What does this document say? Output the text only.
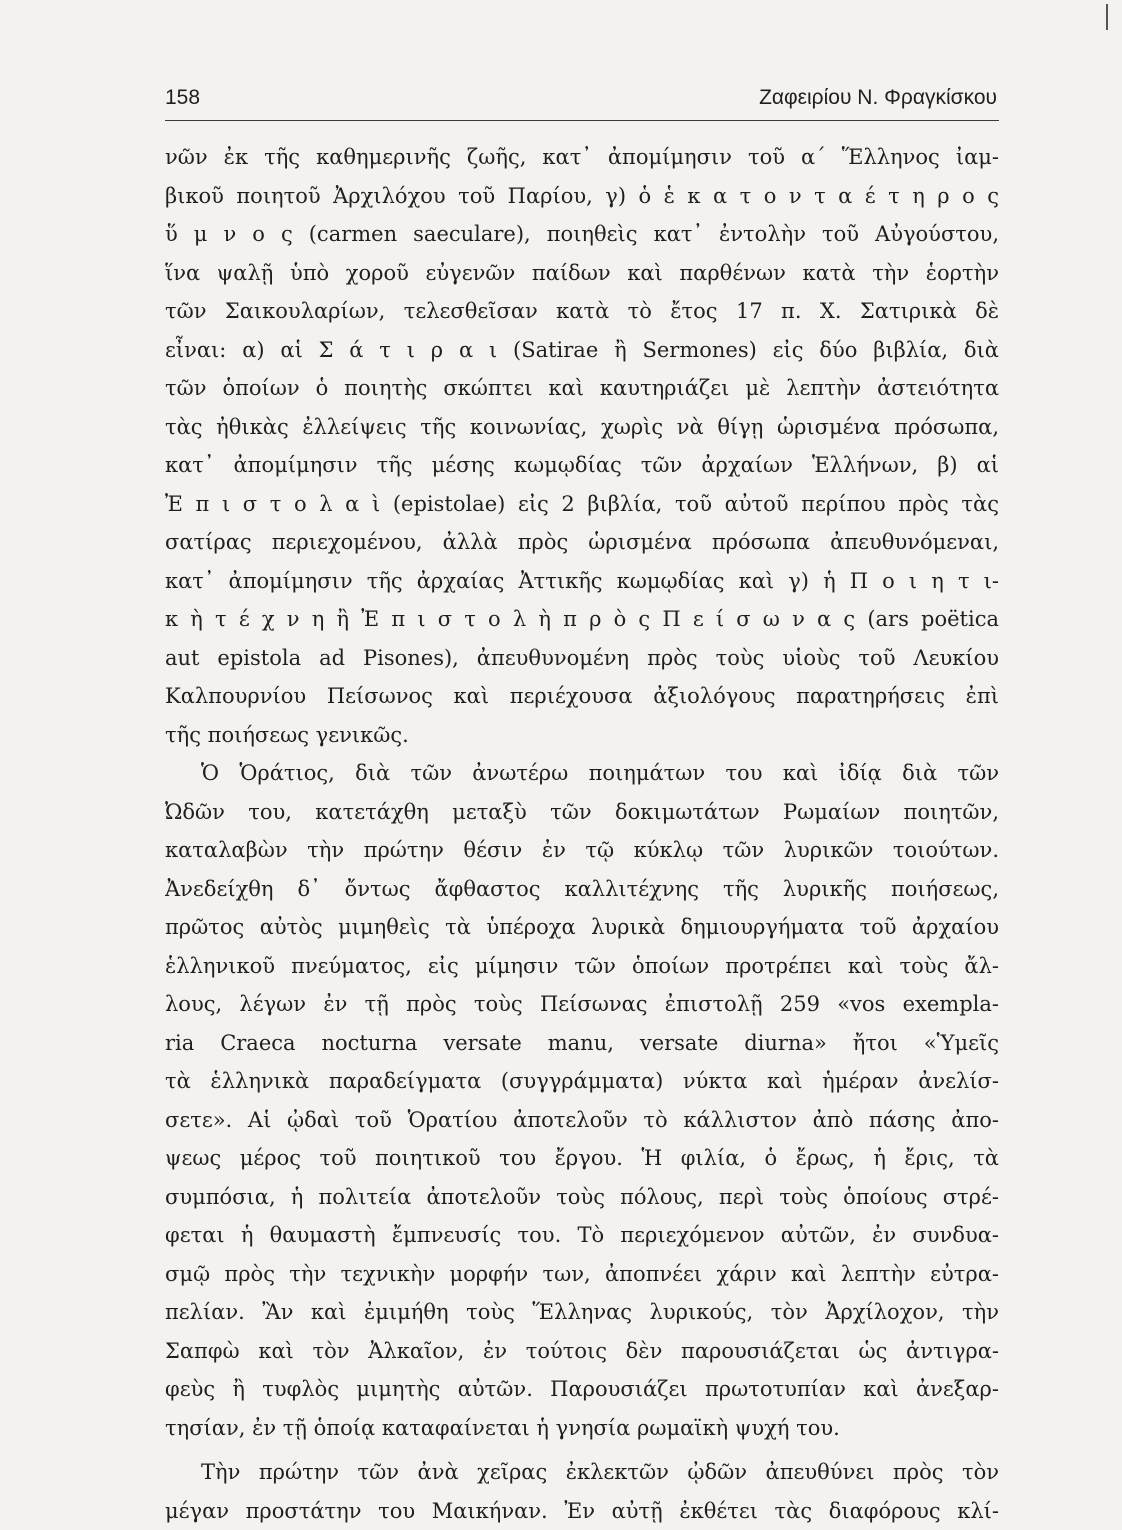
158	Ζαφειρίου Ν. Φραγκίσκου
νῶν ἐκ τῆς καθημερινῆς ζωῆς, κατ᾽ ἀπομίμησιν τοῦ α΄ Ἕλληνος ἰαμ-
βικοῦ ποιητοῦ Ἀρχιλόχου τοῦ Παρίου, γ) ὁ ἑ κ α τ ο ν τ α έ τ η ρ ο ς
ὕ μ ν ο ς (carmen saeculare), ποιηθεὶς κατ᾽ ἐντολὴν τοῦ Αὐγούστου,
ἵνα ψαλῇ ὑπὸ χοροῦ εὐγενῶν παίδων καὶ παρθένων κατὰ τὴν ἑορτὴν
τῶν Σαικουλαρίων, τελεσθεῖσαν κατὰ τὸ ἔτος 17 π. Χ. Σατιρικὰ δὲ
εἶναι: α) αἱ Σ ά τ ι ρ α ι (Satirae ἢ Sermones) εἰς δύο βιβλία, διὰ
τῶν ὁποίων ὁ ποιητὴς σκώπτει καὶ καυτηριάζει μὲ λεπτὴν ἀστειότητα
τὰς ἠθικὰς ἐλλείψεις τῆς κοινωνίας, χωρὶς νὰ θίγῃ ὡρισμένα πρόσωπα,
κατ᾽ ἀπομίμησιν τῆς μέσης κωμῳδίας τῶν ἀρχαίων Ἑλλήνων, β) αἱ
Ἐ π ι σ τ ο λ α ὶ (epistolae) εἰς 2 βιβλία, τοῦ αὐτοῦ περίπου πρὸς τὰς
σατίρας περιεχομένου, ἀλλὰ πρὸς ὡρισμένα πρόσωπα ἀπευθυνόμεναι,
κατ᾽ ἀπομίμησιν τῆς ἀρχαίας Ἀττικῆς κωμῳδίας καὶ γ) ἡ Π ο ι η τ ι-
κ ὴ τ έ χ ν η ἢ Ἐ π ι σ τ ο λ ὴ π ρ ὸ ς Π ε ί σ ω ν α ς (ars poëtica
aut epistola ad Pisones), ἀπευθυνομένη πρὸς τοὺς υἱοὺς τοῦ Λευκίου
Καλπουρνίου Πείσωνος καὶ περιέχουσα ἀξιολόγους παρατηρήσεις ἐπὶ
τῆς ποιήσεως γενικῶς.
Ὁ Ὁράτιος, διὰ τῶν ἀνωτέρω ποιημάτων του καὶ ἰδίᾳ διὰ τῶν
Ὠδῶν του, κατετάχθη μεταξὺ τῶν δοκιμωτάτων Ρωμαίων ποιητῶν,
καταλαβὼν τὴν πρώτην θέσιν ἐν τῷ κύκλῳ τῶν λυρικῶν τοιούτων.
Ἀνεδείχθη δ᾽ ὄντως ἄφθαστος καλλιτέχνης τῆς λυρικῆς ποιήσεως,
πρῶτος αὐτὸς μιμηθεὶς τὰ ὑπέροχα λυρικὰ δημιουργήματα τοῦ ἀρχαίου
ἑλληνικοῦ πνεύματος, εἰς μίμησιν τῶν ὁποίων προτρέπει καὶ τοὺς ἄλ-
λους, λέγων ἐν τῇ πρὸς τοὺς Πείσωνας ἐπιστολῇ 259 «vos exempla-
ria Craeca nocturna versate manu, versate diurna» ἤτοι «Ὑμεῖς
τὰ ἑλληνικὰ παραδείγματα (συγγράμματα) νύκτα καὶ ἡμέραν ἀνελίσ-
σετε». Αἱ ᾠδαὶ τοῦ Ὁρατίου ἀποτελοῦν τὸ κάλλιστον ἀπὸ πάσης ἀπο-
ψεως μέρος τοῦ ποιητικοῦ του ἔργου. Ἡ φιλία, ὁ ἔρως, ἡ ἔρις, τὰ
συμπόσια, ἡ πολιτεία ἀποτελοῦν τοὺς πόλους, περὶ τοὺς ὁποίους στρέ-
φεται ἡ θαυμαστὴ ἔμπνευσίς του. Τὸ περιεχόμενον αὐτῶν, ἐν συνδυα-
σμῷ πρὸς τὴν τεχνικὴν μορφήν των, ἀποπνέει χάριν καὶ λεπτὴν εὐτρα-
πελίαν. Ἂν καὶ ἐμιμήθη τοὺς Ἕλληνας λυρικούς, τὸν Ἀρχίλοχον, τὴν
Σαπφὼ καὶ τὸν Ἀλκαῖον, ἐν τούτοις δὲν παρουσιάζεται ὡς ἀντιγρα-
φεὺς ἢ τυφλὸς μιμητὴς αὐτῶν. Παρουσιάζει πρωτοτυπίαν καὶ ἀνεξαρ-
τησίαν, ἐν τῇ ὁποίᾳ καταφαίνεται ἡ γνησία ρωμαϊκὴ ψυχή του.
Τὴν πρώτην τῶν ἀνὰ χεῖρας ἐκλεκτῶν ᾠδῶν ἀπευθύνει πρὸς τὸν
μέγαν προστάτην του Μαικήναν. Ἐν αὐτῇ ἐκθέτει τὰς διαφόρους κλί-
